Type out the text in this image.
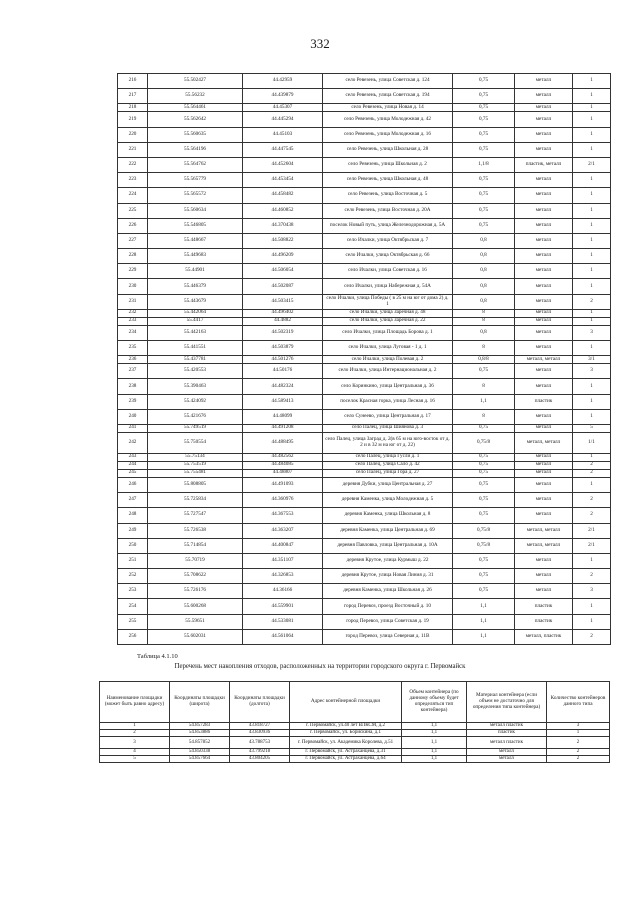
332
216	55.502427	44.42959	село Ревезень, улица Советская д. 124	0,75	металл	1
217	55.56232	44.439879	село Ревезень, улица Советская д. 194	0,75	металл	1
218	55.564461	44.45307	село Ревезень, улица Новая д. 14	0,75	металл	1
219	55.562642	44.445294	село Ревезень, улица Молодежная д. 42	0,75	металл	1
220	55.560635	44.45103	село Ревезень, улица Молодежная д. 16	0,75	металл	1
221	55.564196	44.447545	село Ревезень, улица Школьная д. 28	0,75	металл	1
222	55.564762	44.452604	село Ревезень, улица Школьная д. 2	1,1/8	пластик, металл	2/1
223	55.565779	44.453454	село Ревезень, улица Школьная д. 48	0,75	металл	1
224	55.565572	44.458482	село Ревезень, улица Восточная д. 5	0,75	металл	1
225	55.560634	44.460852	село Ревезень, улица Восточная д. 20А	0,75	металл	1
226	55.546805	44.370438	поселок Новый путь, улица Железнодорожная д. 5А	0,75	металл	1
227	55.448667	44.508822	село Ичалки, улица Октябрьская д. 7	0,8	металл	1
228	55.449683	44.496209	село Ичалки, улица Октябрьская д. 66	0,8	металл	1
229	55.44901	44.506054	село Ичалки, улица Советская д. 16	0,8	металл	1
230	55.446379	44.502087	село Ичалки, улица Набережная д. 54А	0,8	металл	1
231	55.443679	44.503415	село Ичалки, улица Победы ( в 25 м на юг от дома 2) д. 1	0,8	металл	2
232	55.442064	44.496402	село Ичалки, улица Заречная д. 48	8	металл	1
233	55.4417	44.4882	село Ичалки, улица Заречная д. 22	8	металл	1
234	55.442163	44.502319	село Ичалки, улица Площадь Борова д. 1	0,8	металл	3
235	55.441551	44.503879	село Ичалки, улица Луговая - 1 д. 1	8	металл	1
236	55.437781	44.501276	село Ичалки, улица Полевая д. 2	0,8/8	металл, металл	3/1
237	55.420553	44.50176	село Ичалки, улица Интернациональная д. 2	0,75	металл	3
238	55.390463	44.482324	село Коринкино, улица Центральная д. 36	8	металл	1
239	55.424092	44.589413	поселок Красная горка, улица Лесная д. 16	1,1	пластик	1
240	55.421676	44.48099	село Сунеево, улица Центральная д. 17	8	металл	1
241	55.749519	44.491208	село Палец, улица Шиянова д. 3	0,75	металл	5
242	55.750554	44.488495	село Палец, улица Заград д. 2(в 65 м на юго-восток от д. 2 и в 32 м на юг от д. 22)	0,75/8	металл, металл	1/1
243	55.75134	44.482562	село Палец, улица Гусли д. 1	0,75	металл	1
244	55.753519	44.484085	село Палец, улица Сало д. 42	0,75	металл	2
245	55.755481	44.48807	село Палец, улица Гора д. 27	0,75	металл	2
246	55.808805	44.491093	деревня Дубки, улица Центральная д. 27	0,75	металл	1
247	55.725834	44.360976	деревня Каменка, улица Молодежная д. 5	0,75	металл	2
248	55.727547	44.367553	деревня Каменка, улица Школьная д. 8	0,75	металл	2
249	55.726538	44.363207	деревня Каменка, улица Центральная д. 69	0,75/8	металл, металл	2/1
250	55.714854	44.400847	деревня Павловка, улица Центральная д. 10А	0,75/8	металл, металл	2/1
251	55.70719	44.351107	деревня Крутое, улица Курмыш д. 22	0,75	металл	1
252	55.708622	44.326853	деревня Крутое, улица Новая Линия д. 31	0,75	металл	2
253	55.726176	44.36166	деревня Каменка, улица Школьная д. 26	0,75	металл	3
254	55.600268	44.559901	город Перевоз, проезд Восточный д. 10	1,1	пластик	1
255	55.59651	44.533081	город Перевоз, улица Советская д. 19	1,1	пластик	1
256	55.602031	44.561064	город Перевоз, улица Северная д. 11В	1,1	металл, пластик	2
Таблица 4.1.10
Перечень мест накопления отходов, расположенных на территории городского округа г. Первомайск
Наименование площадки (может быть равно адресу)	Координаты площадки (широта)	Координаты площадки (долгота)	Адрес контейнерной площадки	Объем контейнера (по данному объему будет определяться тип контейнера)	Материал контейнера (если объем не достаточно для определения типа контейнера)	Количество контейнеров данного типа
1	54.857283	43.818727	г. Первомайск, ул.40 лет ВЛКСМ, д.2	1,1	металл пластик	3
2	54.853886	43.830936	г. Первомайск, ул. Борискина, д.1	1,1	пластик	1
3	54.857852	43.788753	г. Первомайск, ул. Академика Королева, д.51	1,1	металл пластик	2
4	54.850338	43.799218	г. Первомайск, ул. Астраханцева, д.31	1,1	металл	2
5	54.857664	43.804205	г. Первомайск, ул. Астраханцева, д.64	1,1	металл	2
